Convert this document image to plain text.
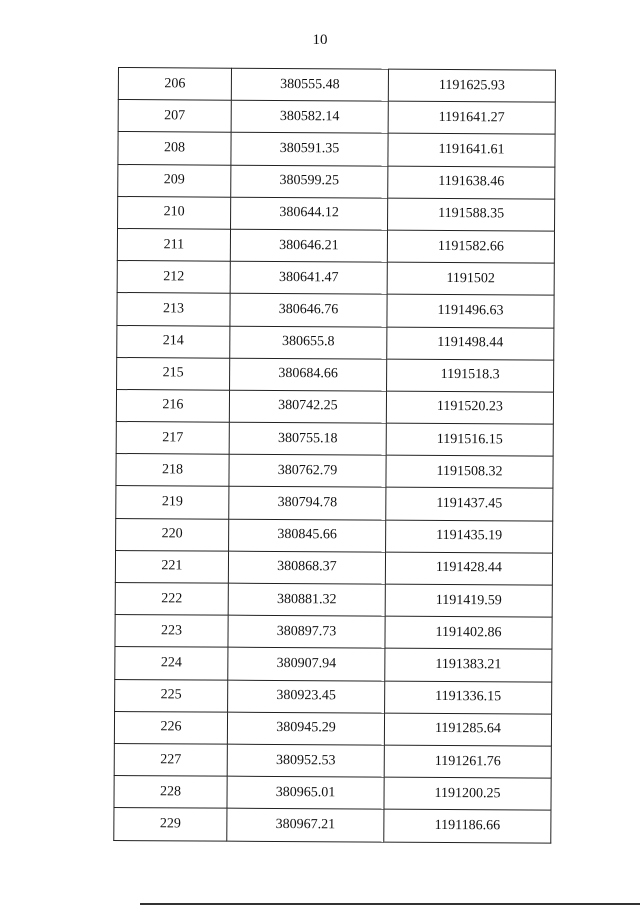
10
206	380555.48	1191625.93
207	380582.14	1191641.27
208	380591.35	1191641.61
209	380599.25	1191638.46
210	380644.12	1191588.35
211	380646.21	1191582.66
212	380641.47	1191502
213	380646.76	1191496.63
214	380655.8	1191498.44
215	380684.66	1191518.3
216	380742.25	1191520.23
217	380755.18	1191516.15
218	380762.79	1191508.32
219	380794.78	1191437.45
220	380845.66	1191435.19
221	380868.37	1191428.44
222	380881.32	1191419.59
223	380897.73	1191402.86
224	380907.94	1191383.21
225	380923.45	1191336.15
226	380945.29	1191285.64
227	380952.53	1191261.76
228	380965.01	1191200.25
229	380967.21	1191186.66
